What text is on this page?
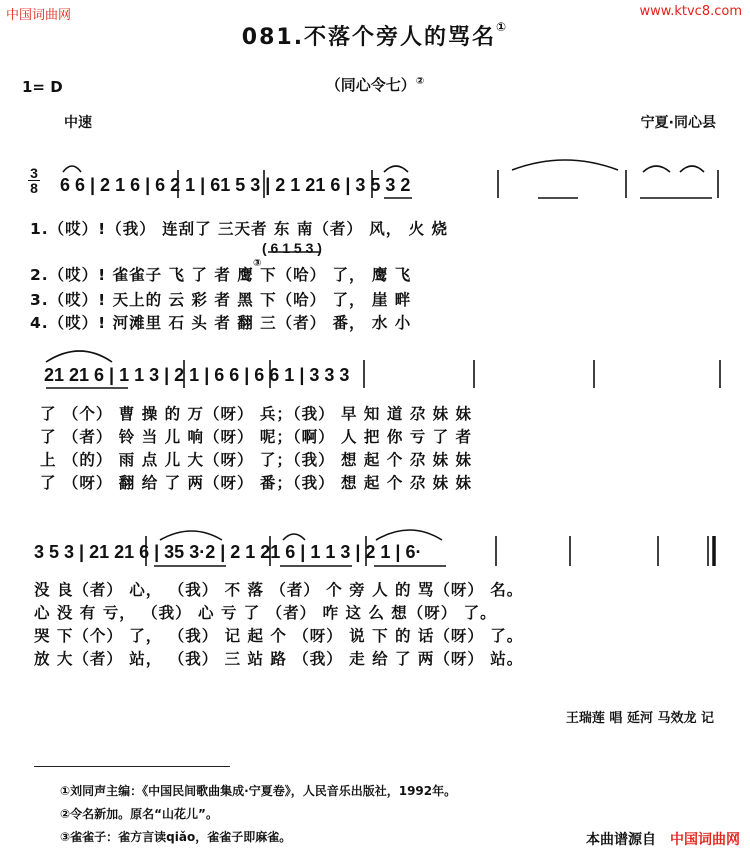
中国词曲网	www.ktvc8.com
081.不落个旁人的骂名①
1= D	（同心令七）②
中速	宁夏·同心县
3
8 6 6 | 2 1 6 | 6 2 1 | 61 5 3 | 2 1 21 6 | 3 5 3 2
( 6 1 5 3 )
1.（哎）!（我） 连刮了 三天者 东 南（者） 风， 火 烧
2.（哎）! 雀雀子 飞 了 者 鹰 下（哈） 了， 鹰 飞
3.（哎）! 天上的 云 彩 者 黑 下（哈） 了， 崖 畔
4.（哎）! 河滩里 石 头 者 翻 三（者） 番， 水 小
③
21 21 6 | 1 1 3 | 2 1 | 6 6 | 6 6 1 | 3 3 3
了 （个） 曹 操 的 万（呀） 兵；（我） 早 知 道 尕 妹 妹
了 （者） 铃 当 儿 响（呀） 呢；（啊） 人 把 你 亏 了 者
上 （的） 雨 点 儿 大（呀） 了；（我） 想 起 个 尕 妹 妹
了 （呀） 翻 给 了 两（呀） 番；（我） 想 起 个 尕 妹 妹
3 5 3 | 21 21 6 | 35 3·2 | 2 1 21 6 | 1 1 3 | 2 1 | 6·
没 良（者） 心， （我） 不 落 （者） 个 旁 人 的 骂（呀） 名。
心 没 有 亏， （我） 心 亏 了 （者） 咋 这 么 想（呀） 了。
哭 下（个） 了， （我） 记 起 个 （呀） 说 下 的 话（呀） 了。
放 大（者） 站， （我） 三 站 路 （我） 走 给 了 两（呀） 站。
王瑞莲 唱 延河 马效龙 记
①刘同声主编：《中国民间歌曲集成·宁夏卷》，人民音乐出版社，1992年。
②令名新加。原名“山花儿”。
③雀雀子：雀方言读qiǎo，雀雀子即麻雀。	本曲谱源自 中国词曲网
